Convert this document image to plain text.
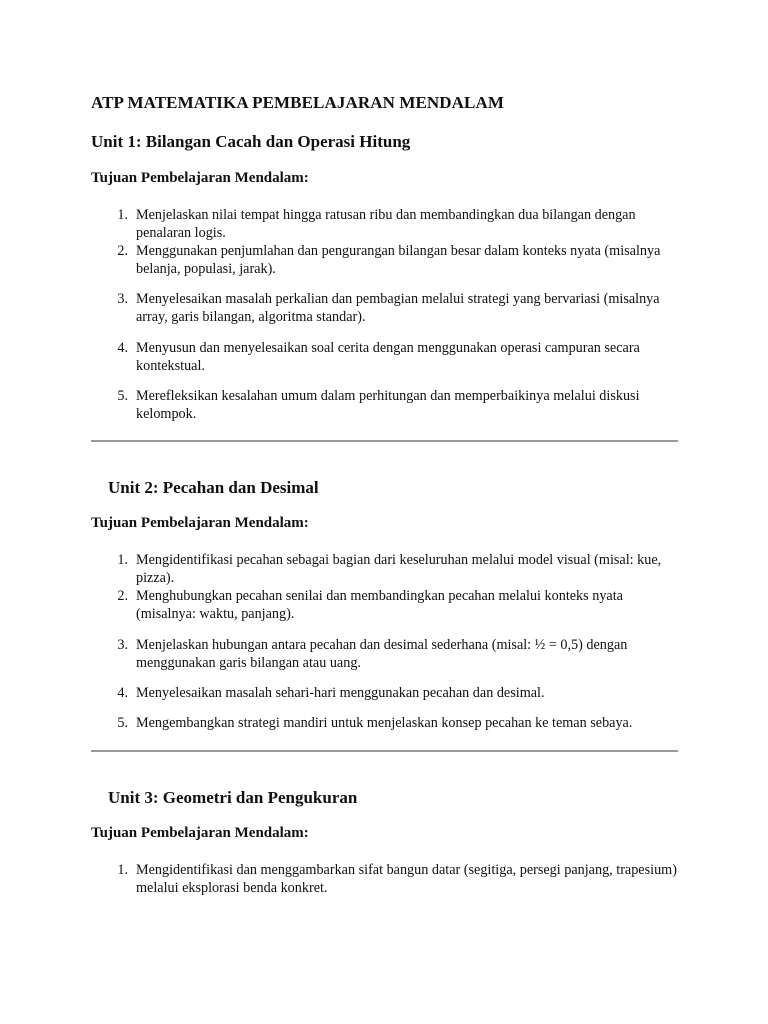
ATP MATEMATIKA PEMBELAJARAN MENDALAM
Unit 1: Bilangan Cacah dan Operasi Hitung
Tujuan Pembelajaran Mendalam:
1. Menjelaskan nilai tempat hingga ratusan ribu dan membandingkan dua bilangan dengan penalaran logis.
2. Menggunakan penjumlahan dan pengurangan bilangan besar dalam konteks nyata (misalnya belanja, populasi, jarak).
3. Menyelesaikan masalah perkalian dan pembagian melalui strategi yang bervariasi (misalnya array, garis bilangan, algoritma standar).
4. Menyusun dan menyelesaikan soal cerita dengan menggunakan operasi campuran secara kontekstual.
5. Merefleksikan kesalahan umum dalam perhitungan dan memperbaikinya melalui diskusi kelompok.
Unit 2: Pecahan dan Desimal
Tujuan Pembelajaran Mendalam:
1. Mengidentifikasi pecahan sebagai bagian dari keseluruhan melalui model visual (misal: kue, pizza).
2. Menghubungkan pecahan senilai dan membandingkan pecahan melalui konteks nyata (misalnya: waktu, panjang).
3. Menjelaskan hubungan antara pecahan dan desimal sederhana (misal: ½ = 0,5) dengan menggunakan garis bilangan atau uang.
4. Menyelesaikan masalah sehari-hari menggunakan pecahan dan desimal.
5. Mengembangkan strategi mandiri untuk menjelaskan konsep pecahan ke teman sebaya.
Unit 3: Geometri dan Pengukuran
Tujuan Pembelajaran Mendalam:
1. Mengidentifikasi dan menggambarkan sifat bangun datar (segitiga, persegi panjang, trapesium) melalui eksplorasi benda konkret.
